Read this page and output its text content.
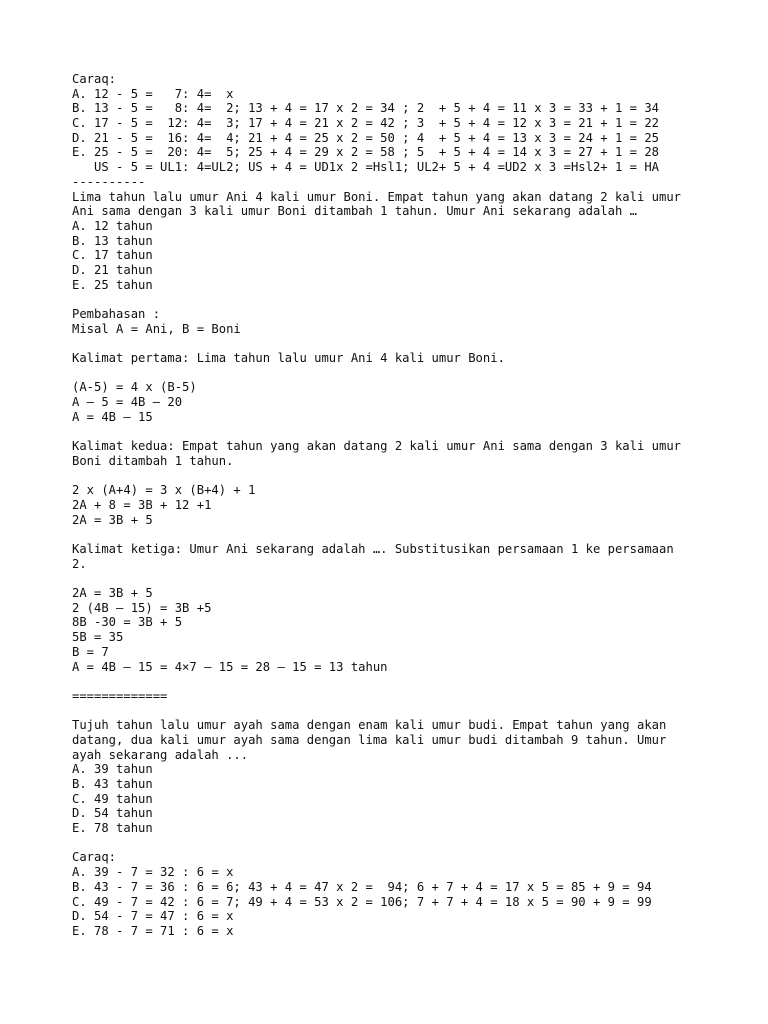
Caraq:
A. 12 - 5 =   7: 4=  x
B. 13 - 5 =   8: 4=  2; 13 + 4 = 17 x 2 = 34 ; 2  + 5 + 4 = 11 x 3 = 33 + 1 = 34
C. 17 - 5 =  12: 4=  3; 17 + 4 = 21 x 2 = 42 ; 3  + 5 + 4 = 12 x 3 = 21 + 1 = 22
D. 21 - 5 =  16: 4=  4; 21 + 4 = 25 x 2 = 50 ; 4  + 5 + 4 = 13 x 3 = 24 + 1 = 25
E. 25 - 5 =  20: 4=  5; 25 + 4 = 29 x 2 = 58 ; 5  + 5 + 4 = 14 x 3 = 27 + 1 = 28
US - 5 = UL1: 4=UL2; US + 4 = UD1x 2 =Hsl1; UL2+ 5 + 4 =UD2 x 3 =Hsl2+ 1 = HA
----------
Lima tahun lalu umur Ani 4 kali umur Boni. Empat tahun yang akan datang 2 kali umur
Ani sama dengan 3 kali umur Boni ditambah 1 tahun. Umur Ani sekarang adalah …
A. 12 tahun
B. 13 tahun
C. 17 tahun
D. 21 tahun
E. 25 tahun
Pembahasan :
Misal A = Ani, B = Boni
Kalimat pertama: Lima tahun lalu umur Ani 4 kali umur Boni.
(A-5) = 4 x (B-5)
A – 5 = 4B – 20
A = 4B – 15
Kalimat kedua: Empat tahun yang akan datang 2 kali umur Ani sama dengan 3 kali umur
Boni ditambah 1 tahun.
2 x (A+4) = 3 x (B+4) + 1
2A + 8 = 3B + 12 +1
2A = 3B + 5
Kalimat ketiga: Umur Ani sekarang adalah …. Substitusikan persamaan 1 ke persamaan
2.
2A = 3B + 5
2 (4B – 15) = 3B +5
8B -30 = 3B + 5
5B = 35
B = 7
A = 4B – 15 = 4×7 – 15 = 28 – 15 = 13 tahun
=============
Tujuh tahun lalu umur ayah sama dengan enam kali umur budi. Empat tahun yang akan
datang, dua kali umur ayah sama dengan lima kali umur budi ditambah 9 tahun. Umur
ayah sekarang adalah ...
A. 39 tahun
B. 43 tahun
C. 49 tahun
D. 54 tahun
E. 78 tahun
Caraq:
A. 39 - 7 = 32 : 6 = x
B. 43 - 7 = 36 : 6 = 6; 43 + 4 = 47 x 2 =  94; 6 + 7 + 4 = 17 x 5 = 85 + 9 = 94
C. 49 - 7 = 42 : 6 = 7; 49 + 4 = 53 x 2 = 106; 7 + 7 + 4 = 18 x 5 = 90 + 9 = 99
D. 54 - 7 = 47 : 6 = x
E. 78 - 7 = 71 : 6 = x
